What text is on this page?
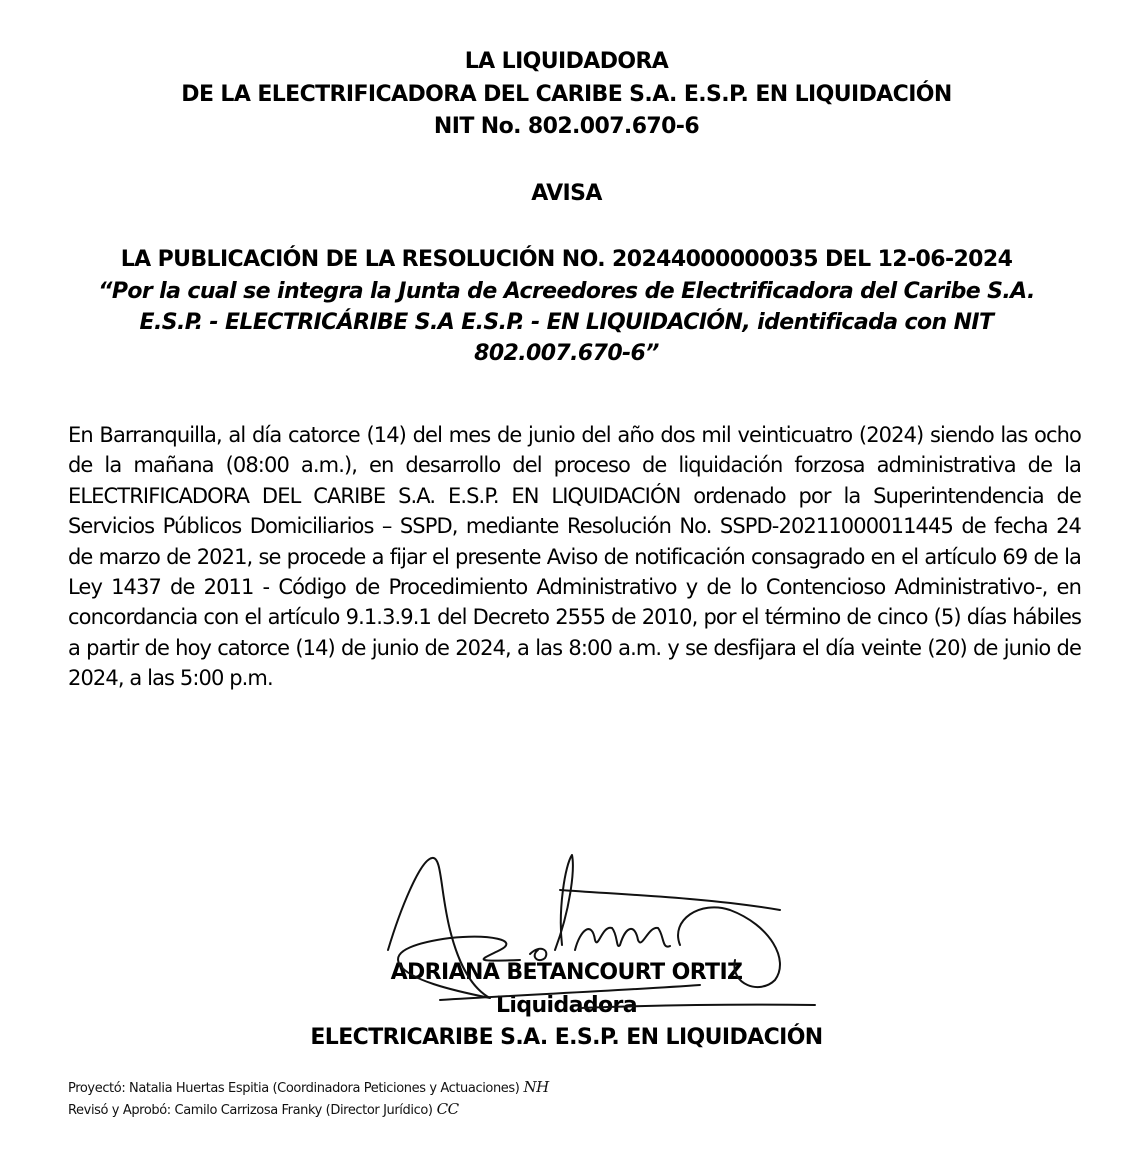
LA LIQUIDADORA
DE LA ELECTRIFICADORA DEL CARIBE S.A. E.S.P. EN LIQUIDACIÓN
NIT No. 802.007.670-6
AVISA
LA PUBLICACIÓN DE LA RESOLUCIÓN NO. 20244000000035 DEL 12-06-2024
“Por la cual se integra la Junta de Acreedores de Electrificadora del Caribe S.A.
E.S.P. - ELECTRICÁRIBE S.A E.S.P. - EN LIQUIDACIÓN, identificada con NIT
802.007.670-6”
En Barranquilla, al día catorce (14) del mes de junio del año dos mil veinticuatro (2024) siendo las ocho de la mañana (08:00 a.m.), en desarrollo del proceso de liquidación forzosa administrativa de la ELECTRIFICADORA DEL CARIBE S.A. E.S.P. EN LIQUIDACIÓN ordenado por la Superintendencia de Servicios Públicos Domiciliarios – SSPD, mediante Resolución No. SSPD-20211000011445 de fecha 24 de marzo de 2021, se procede a fijar el presente Aviso de notificación consagrado en el artículo 69 de la Ley 1437 de 2011 - Código de Procedimiento Administrativo y de lo Contencioso Administrativo-, en concordancia con el artículo 9.1.3.9.1 del Decreto 2555 de 2010, por el término de cinco (5) días hábiles a partir de hoy catorce (14) de junio de 2024, a las 8:00 a.m. y se desfijara el día veinte (20) de junio de 2024, a las 5:00 p.m.
ADRIANA BETANCOURT ORTIZ
Liquidadora
ELECTRICARIBE S.A. E.S.P. EN LIQUIDACIÓN
Proyectó: Natalia Huertas Espitia (Coordinadora Peticiones y Actuaciones) NH
Revisó y Aprobó: Camilo Carrizosa Franky (Director Jurídico) CC
